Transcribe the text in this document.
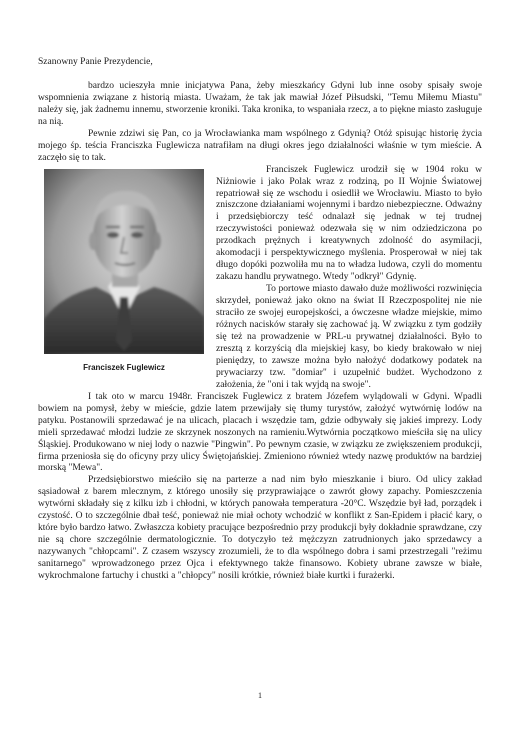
Szanowny Panie Prezydencie,

bardzo ucieszyła mnie inicjatywa Pana, żeby mieszkańcy Gdyni lub inne osoby spisały swoje wspomnienia związane z historią miasta. Uważam, że tak jak mawiał Józef Piłsudski, "Temu Miłemu Miastu" należy się, jak żadnemu innemu, stworzenie kroniki. Taka kronika, to wspaniała rzecz, a to piękne miasto zasługuje na nią.

Pewnie zdziwi się Pan, co ja Wrocławianka mam wspólnego z Gdynią? Otóż spisując historię życia mojego śp. teścia Franciszka Fuglewicza natrafiłam na długi okres jego działalności właśnie w tym mieście. A zaczęło się to tak.

Franciszek Fuglewicz

Franciszek Fuglewicz urodził się w 1904 roku w Niżniowie i jako Polak wraz z rodziną, po II Wojnie Światowej repatriował się ze wschodu i osiedlił we Wrocławiu. Miasto to było zniszczone działaniami wojennymi i bardzo niebezpieczne. Odważny i przedsiębiorczy teść odnalazł się jednak w tej trudnej rzeczywistości ponieważ odezwała się w nim odziedziczona po przodkach prężnych i kreatywnych zdolność do asymilacji, akomodacji i perspektywicznego myślenia. Prosperował w niej tak długo dopóki pozwoliła mu na to władza ludowa, czyli do momentu zakazu handlu prywatnego. Wtedy "odkrył" Gdynię.

To portowe miasto dawało duże możliwości rozwinięcia skrzydeł, ponieważ jako okno na świat II Rzeczpospolitej nie nie straciło ze swojej europejskości, a ówczesne władze miejskie, mimo różnych nacisków starały się zachować ją. W związku z tym godziły się też na prowadzenie w PRL-u prywatnej działalności. Było to zresztą z korzyścią dla miejskiej kasy, bo kiedy brakowało w niej pieniędzy, to zawsze można było nałożyć dodatkowy podatek na prywaciarzy tzw. "domiar" i uzupełnić budżet. Wychodzono z założenia, że "oni i tak wyjdą na swoje".

I tak oto w marcu 1948r. Franciszek Fuglewicz z bratem Józefem wylądowali w Gdyni. Wpadli bowiem na pomysł, żeby w mieście, gdzie latem przewijały się tłumy turystów, założyć wytwórnię lodów na patyku. Postanowili sprzedawać je na ulicach, placach i wszędzie tam, gdzie odbywały się jakieś imprezy. Lody mieli sprzedawać młodzi ludzie ze skrzynek noszonych na ramieniu.Wytwórnia początkowo mieściła się na ulicy Śląskiej. Produkowano w niej lody o nazwie "Pingwin". Po pewnym czasie, w związku ze zwiększeniem produkcji, firma przeniosła się do oficyny przy ulicy Świętojańskiej. Zmieniono również wtedy nazwę produktów na bardziej morską "Mewa".

Przedsiębiorstwo mieściło się na parterze a nad nim było mieszkanie i biuro. Od ulicy zakład sąsiadował z barem mlecznym, z którego unosiły się przyprawiające o zawrót głowy zapachy. Pomieszczenia wytwórni składały się z kilku izb i chłodni, w których panowała temperatura -20°C. Wszędzie był ład, porządek i czystość. O to szczególnie dbał teść, ponieważ nie miał ochoty wchodzić w konflikt z San-Epidem i płacić kary, o które było bardzo łatwo. Zwłaszcza kobiety pracujące bezpośrednio przy produkcji były dokładnie sprawdzane, czy nie są chore szczególnie dermatologicznie. To dotyczyło też mężczyzn zatrudnionych jako sprzedawcy a nazywanych "chłopcami". Z czasem wszyscy zrozumieli, że to dla wspólnego dobra i sami przestrzegali "reżimu sanitarnego" wprowadzonego przez Ojca i efektywnego także finansowo. Kobiety ubrane zawsze w białe, wykrochmalone fartuchy i chustki a "chłopcy" nosili krótkie, również białe kurtki i furażerki.

1
